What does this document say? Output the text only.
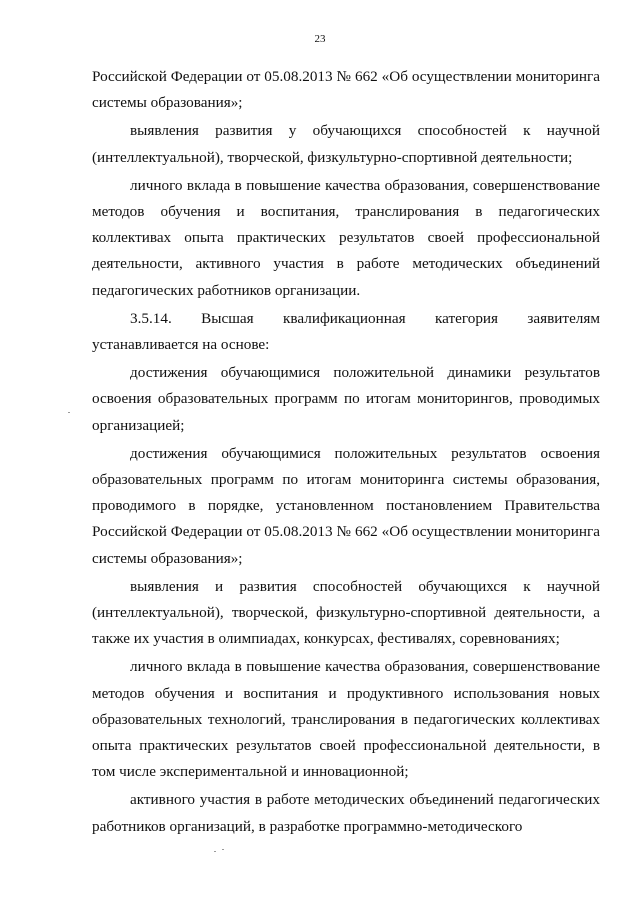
23

Российской Федерации от 05.08.2013 № 662 «Об осуществлении мониторинга системы образования»;

выявления развития у обучающихся способностей к научной (интеллектуальной), творческой, физкультурно-спортивной деятельности;

личного вклада в повышение качества образования, совершенствование методов обучения и воспитания, транслирования в педагогических коллективах опыта практических результатов своей профессиональной деятельности, активного участия в работе методических объединений педагогических работников организации.

3.5.14. Высшая квалификационная категория заявителям устанавливается на основе:

достижения обучающимися положительной динамики результатов освоения образовательных программ по итогам мониторингов, проводимых организацией;

достижения обучающимися положительных результатов освоения образовательных программ по итогам мониторинга системы образования, проводимого в порядке, установленном постановлением Правительства Российской Федерации от 05.08.2013 № 662 «Об осуществлении мониторинга системы образования»;

выявления и развития способностей обучающихся к научной (интеллектуальной), творческой, физкультурно-спортивной деятельности, а также их участия в олимпиадах, конкурсах, фестивалях, соревнованиях;

личного вклада в повышение качества образования, совершенствование методов обучения и воспитания и продуктивного использования новых образовательных технологий, транслирования в педагогических коллективах опыта практических результатов своей профессиональной деятельности, в том числе экспериментальной и инновационной;

активного участия в работе методических объединений педагогических работников организаций, в разработке программно-методического
